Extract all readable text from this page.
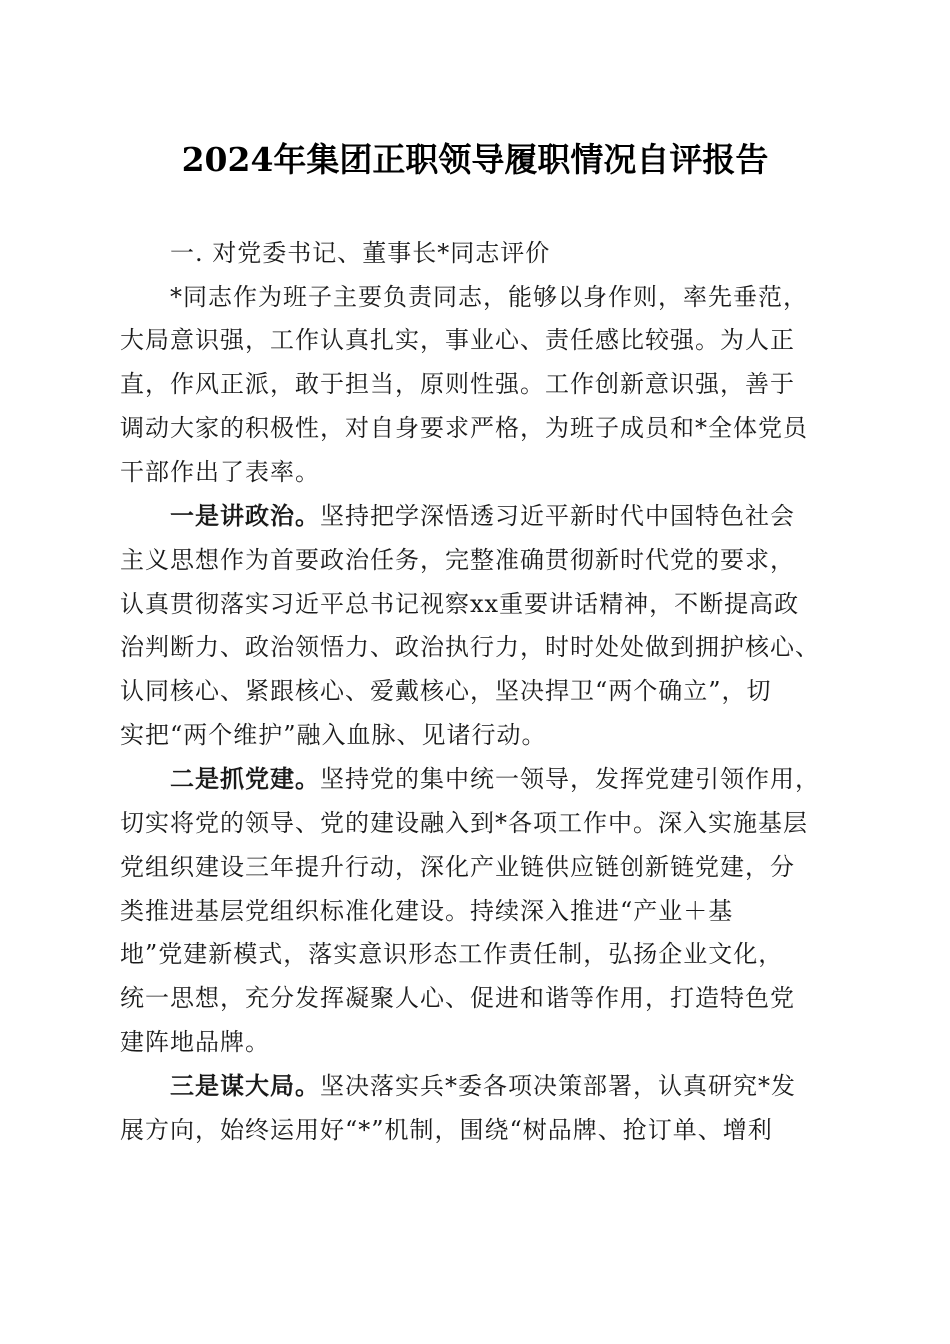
2024年集团正职领导履职情况自评报告

一. 对党委书记、董事长*同志评价

*同志作为班子主要负责同志，能够以身作则，率先垂范，

大局意识强，工作认真扎实，事业心、责任感比较强。为人正

直，作风正派，敢于担当，原则性强。工作创新意识强，善于

调动大家的积极性，对自身要求严格，为班子成员和*全体党员

干部作出了表率。

一是讲政治。坚持把学深悟透习近平新时代中国特色社会

主义思想作为首要政治任务，完整准确贯彻新时代党的要求，

认真贯彻落实习近平总书记视察xx重要讲话精神，不断提高政

治判断力、政治领悟力、政治执行力，时时处处做到拥护核心、

认同核心、紧跟核心、爱戴核心，坚决捍卫“两个确立”，切

实把“两个维护”融入血脉、见诸行动。

二是抓党建。坚持党的集中统一领导，发挥党建引领作用，

切实将党的领导、党的建设融入到*各项工作中。深入实施基层

党组织建设三年提升行动，深化产业链供应链创新链党建，分

类推进基层党组织标准化建设。持续深入推进“产业＋基

地”党建新模式，落实意识形态工作责任制，弘扬企业文化，

统一思想，充分发挥凝聚人心、促进和谐等作用，打造特色党

建阵地品牌。

三是谋大局。坚决落实兵*委各项决策部署，认真研究*发

展方向，始终运用好“*”机制，围绕“树品牌、抢订单、增利
